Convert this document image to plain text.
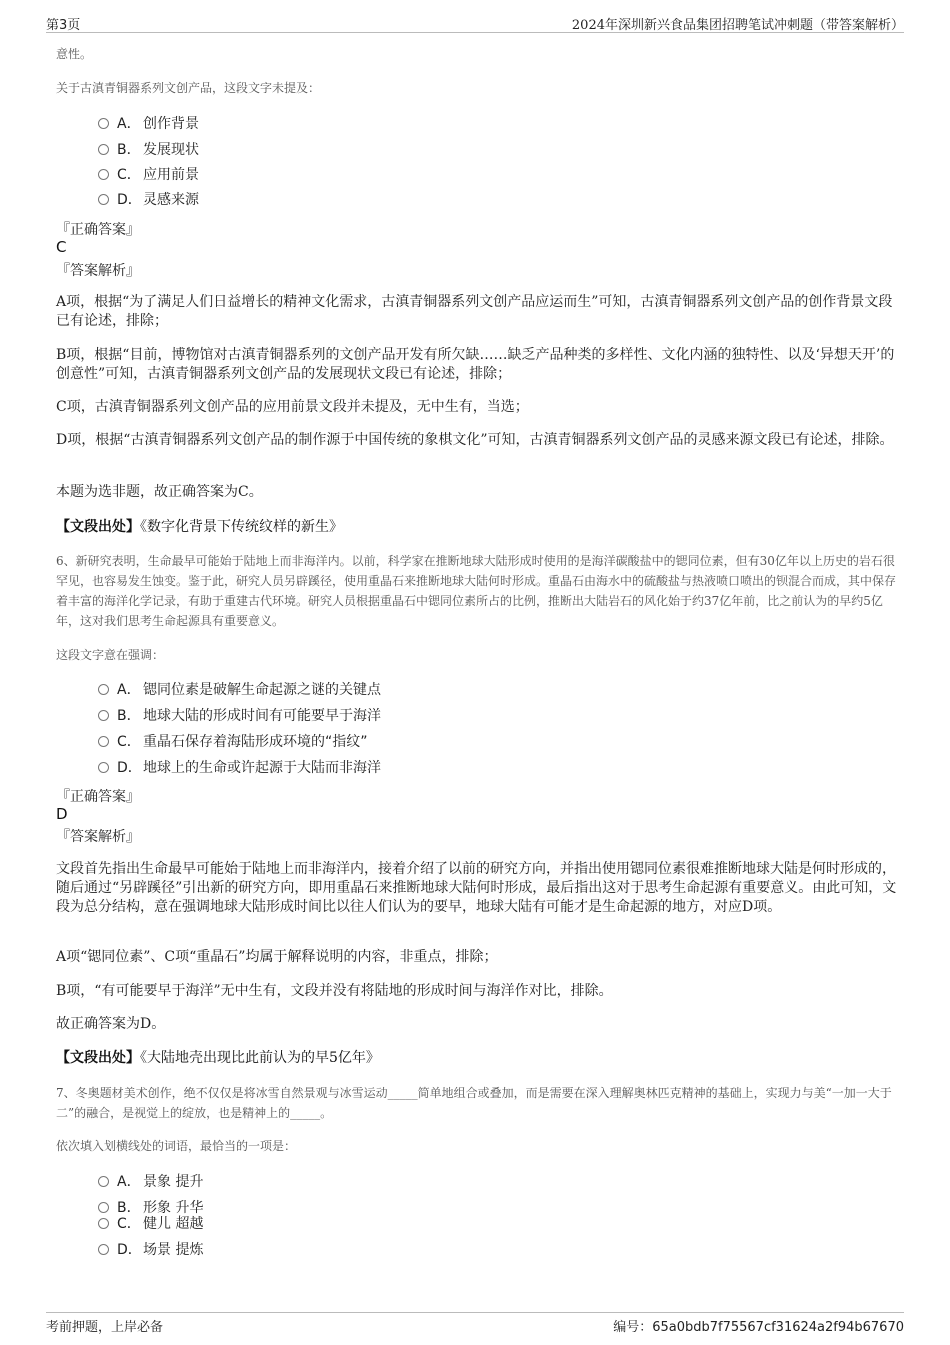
第3页	2024年深圳新兴食品集团招聘笔试冲刺题（带答案解析）
意性。
关于古滇青铜器系列文创产品，这段文字未提及：
A． 创作背景
B． 发展现状
C． 应用前景
D．灵感来源
『正确答案』
C
『答案解析』
A项，根据“为了满足人们日益增长的精神文化需求，古滇青铜器系列文创产品应运而生”可知，古滇青铜器系列文创产品的创作背景文段已有论述，排除；
B项，根据“目前，博物馆对古滇青铜器系列的文创产品开发有所欠缺……缺乏产品种类的多样性、文化内涵的独特性、以及‘异想天开’的创意性”可知，古滇青铜器系列文创产品的发展现状文段已有论述，排除；
C项，古滇青铜器系列文创产品的应用前景文段并未提及，无中生有，当选；
D项，根据“古滇青铜器系列文创产品的制作源于中国传统的象棋文化”可知，古滇青铜器系列文创产品的灵感来源文段已有论述，排除。
本题为选非题，故正确答案为C。
【文段出处】《数字化背景下传统纹样的新生》
6、新研究表明，生命最早可能始于陆地上而非海洋内。以前，科学家在推断地球大陆形成时使用的是海洋碳酸盐中的锶同位素，但有30亿年以上历史的岩石很罕见，也容易发生蚀变。鉴于此，研究人员另辟蹊径，使用重晶石来推断地球大陆何时形成。重晶石由海水中的硫酸盐与热液喷口喷出的钡混合而成，其中保存着丰富的海洋化学记录，有助于重建古代环境。研究人员根据重晶石中锶同位素所占的比例，推断出大陆岩石的风化始于约37亿年前，比之前认为的早约5亿年，这对我们思考生命起源具有重要意义。
这段文字意在强调：
A． 锶同位素是破解生命起源之谜的关键点
B． 地球大陆的形成时间有可能要早于海洋
C． 重晶石保存着海陆形成环境的“指纹”
D．地球上的生命或许起源于大陆而非海洋
『正确答案』
D
『答案解析』
文段首先指出生命最早可能始于陆地上而非海洋内，接着介绍了以前的研究方向，并指出使用锶同位素很难推断地球大陆是何时形成的，随后通过“另辟蹊径”引出新的研究方向，即用重晶石来推断地球大陆何时形成，最后指出这对于思考生命起源有重要意义。由此可知，文段为总分结构，意在强调地球大陆形成时间比以往人们认为的要早，地球大陆有可能才是生命起源的地方，对应D项。
A项“锶同位素”、C项“重晶石”均属于解释说明的内容，非重点，排除；
B项，“有可能要早于海洋”无中生有，文段并没有将陆地的形成时间与海洋作对比，排除。
故正确答案为D。
【文段出处】《大陆地壳出现比此前认为的早5亿年》
7、冬奥题材美术创作，绝不仅仅是将冰雪自然景观与冰雪运动_____简单地组合或叠加，而是需要在深入理解奥林匹克精神的基础上，实现力与美“一加一大于二”的融合，是视觉上的绽放，也是精神上的_____。
依次填入划横线处的词语，最恰当的一项是：
A． 景象 提升
B． 形象 升华
C． 健儿 超越
D．场景 提炼
考前押题，上岸必备	编号：65a0bdb7f75567cf31624a2f94b67670
